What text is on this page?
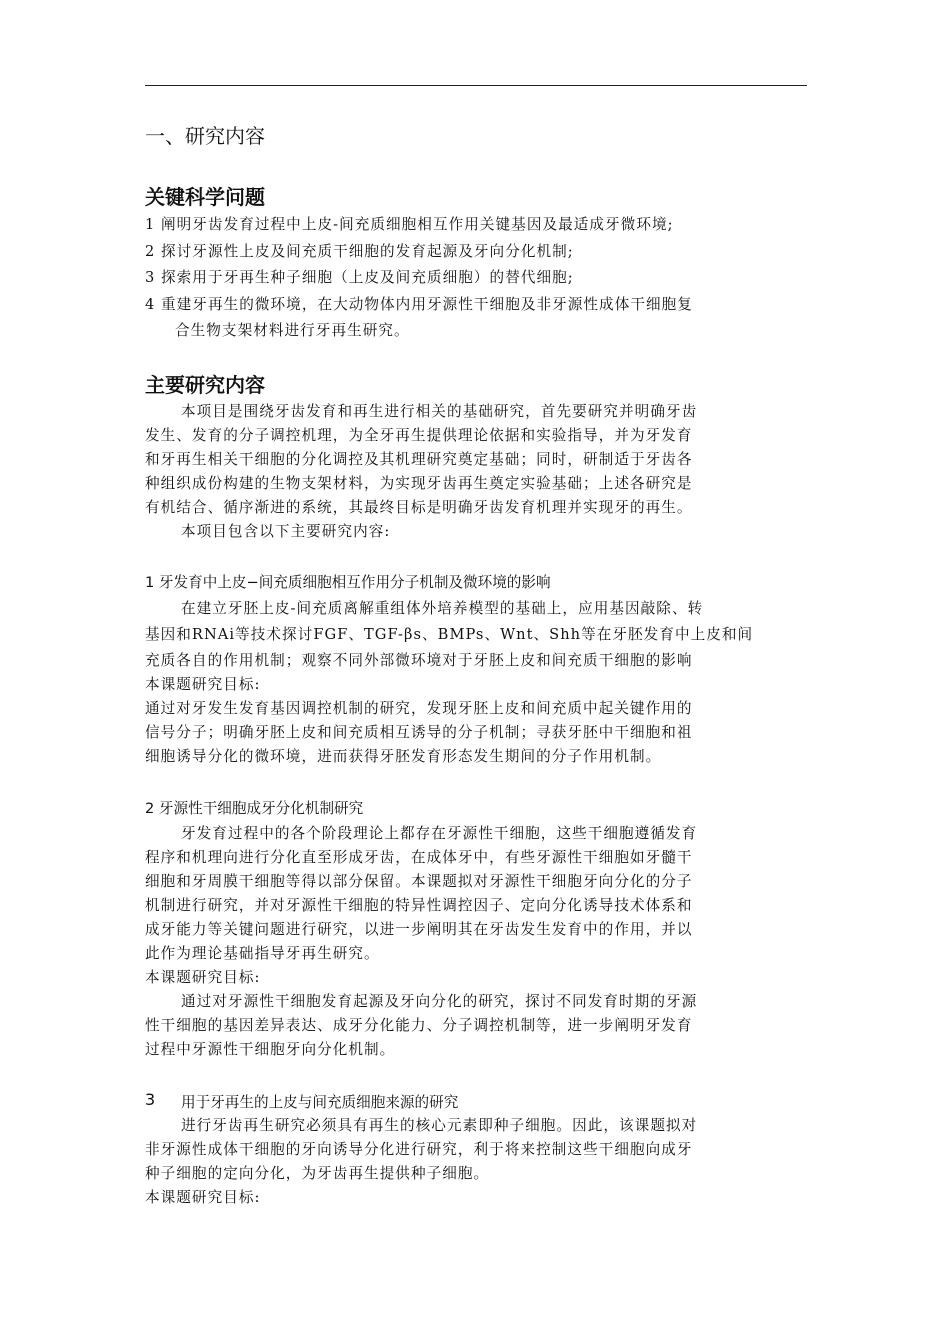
一、研究内容
关键科学问题
1 阐明牙齿发育过程中上皮-间充质细胞相互作用关键基因及最适成牙微环境;
2 探讨牙源性上皮及间充质干细胞的发育起源及牙向分化机制;
3 探索用于牙再生种子细胞（上皮及间充质细胞）的替代细胞;
4 重建牙再生的微环境，在大动物体内用牙源性干细胞及非牙源性成体干细胞复
合生物支架材料进行牙再生研究。
主要研究内容
本项目是围绕牙齿发育和再生进行相关的基础研究，首先要研究并明确牙齿
发生、发育的分子调控机理，为全牙再生提供理论依据和实验指导，并为牙发育
和牙再生相关干细胞的分化调控及其机理研究奠定基础；同时，研制适于牙齿各
种组织成份构建的生物支架材料，为实现牙齿再生奠定实验基础；上述各研究是
有机结合、循序渐进的系统，其最终目标是明确牙齿发育机理并实现牙的再生。
本项目包含以下主要研究内容:
1 牙发育中上皮−间充质细胞相互作用分子机制及微环境的影响
在建立牙胚上皮-间充质离解重组体外培养模型的基础上，应用基因敲除、转
基因和RNAi等技术探讨FGF、TGF-βs、BMPs、Wnt、Shh等在牙胚发育中上皮和间
充质各自的作用机制；观察不同外部微环境对于牙胚上皮和间充质干细胞的影响
本课题研究目标:
通过对牙发生发育基因调控机制的研究，发现牙胚上皮和间充质中起关键作用的
信号分子；明确牙胚上皮和间充质相互诱导的分子机制；寻获牙胚中干细胞和祖
细胞诱导分化的微环境，进而获得牙胚发育形态发生期间的分子作用机制。
2 牙源性干细胞成牙分化机制研究
牙发育过程中的各个阶段理论上都存在牙源性干细胞，这些干细胞遵循发育
程序和机理向进行分化直至形成牙齿，在成体牙中，有些牙源性干细胞如牙髓干
细胞和牙周膜干细胞等得以部分保留。本课题拟对牙源性干细胞牙向分化的分子
机制进行研究，并对牙源性干细胞的特异性调控因子、定向分化诱导技术体系和
成牙能力等关键问题进行研究，以进一步阐明其在牙齿发生发育中的作用，并以
此作为理论基础指导牙再生研究。
本课题研究目标:
通过对牙源性干细胞发育起源及牙向分化的研究，探讨不同发育时期的牙源
性干细胞的基因差异表达、成牙分化能力、分子调控机制等，进一步阐明牙发育
过程中牙源性干细胞牙向分化机制。
3 用于牙再生的上皮与间充质细胞来源的研究
进行牙齿再生研究必须具有再生的核心元素即种子细胞。因此，该课题拟对
非牙源性成体干细胞的牙向诱导分化进行研究，利于将来控制这些干细胞向成牙
种子细胞的定向分化，为牙齿再生提供种子细胞。
本课题研究目标:
